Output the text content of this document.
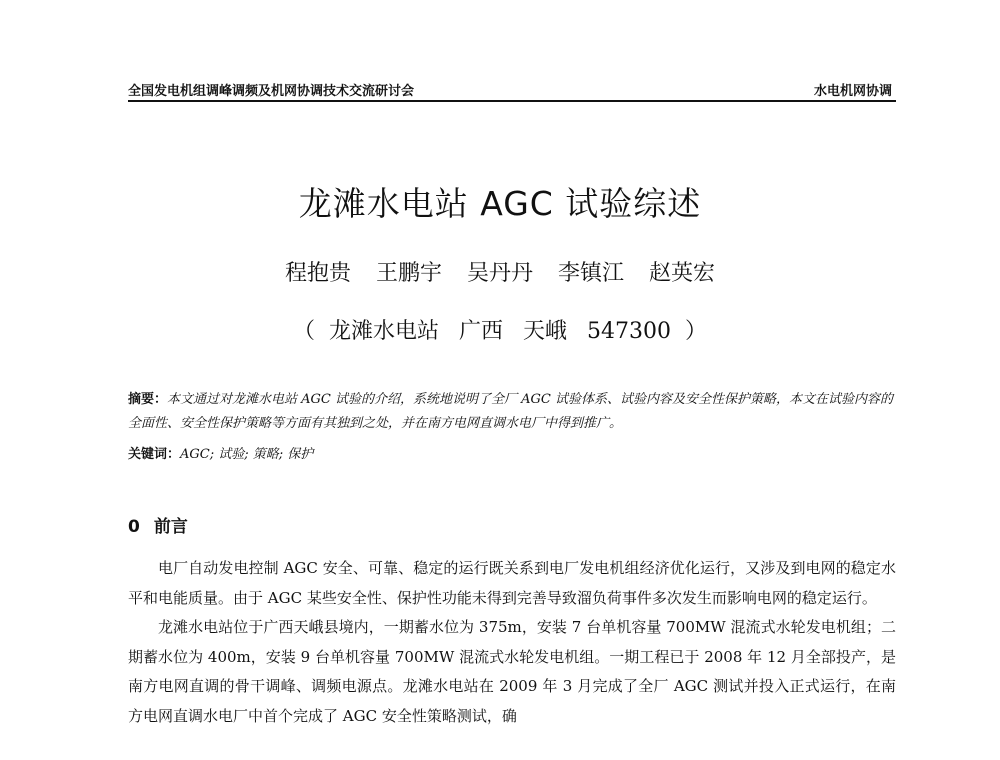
全国发电机组调峰调频及机网协调技术交流研讨会	水电机网协调
龙滩水电站 AGC 试验综述
程抱贵 王鹏宇 吴丹丹 李镇江 赵英宏
（ 龙滩水电站 广西 天峨 547300 ）
摘要：本文通过对龙滩水电站 AGC 试验的介绍，系统地说明了全厂 AGC 试验体系、试验内容及安全性保护策略，本文在试验内容的全面性、安全性保护策略等方面有其独到之处，并在南方电网直调水电厂中得到推广。
关键词：AGC; 试验; 策略; 保护
0 前言

电厂自动发电控制 AGC 安全、可靠、稳定的运行既关系到电厂发电机组经济优化运行，又涉及到电网的稳定水平和电能质量。由于 AGC 某些安全性、保护性功能未得到完善导致溜负荷事件多次发生而影响电网的稳定运行。

龙滩水电站位于广西天峨县境内，一期蓄水位为 375m，安装 7 台单机容量 700MW 混流式水轮发电机组；二期蓄水位为 400m，安装 9 台单机容量 700MW 混流式水轮发电机组。一期工程已于 2008 年 12 月全部投产，是南方电网直调的骨干调峰、调频电源点。龙滩水电站在 2009 年 3 月完成了全厂 AGC 测试并投入正式运行，在南方电网直调水电厂中首个完成了 AGC 安全性策略测试，确
